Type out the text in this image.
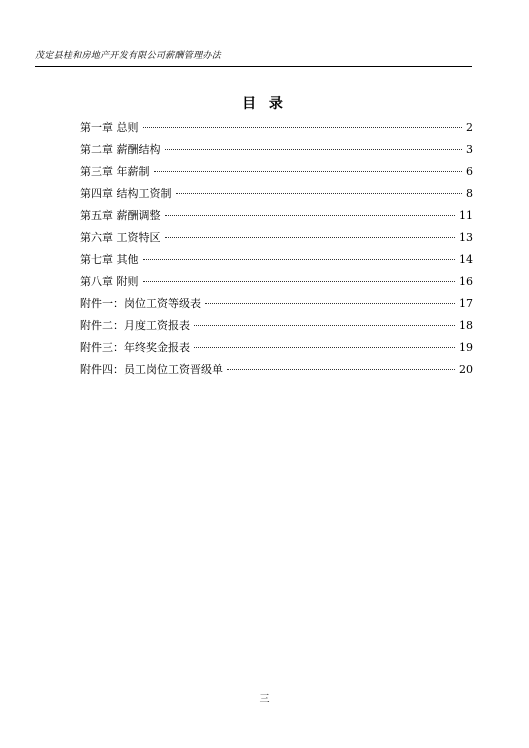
茂定县桂和房地产开发有限公司薪酬管理办法
目 录
第一章 总则	2
第二章 薪酬结构	3
第三章 年薪制	6
第四章 结构工资制	8
第五章 薪酬调整	11
第六章 工资特区	13
第七章 其他	14
第八章 附则	16
附件一：岗位工资等级表	17
附件二：月度工资报表	18
附件三：年终奖金报表	19
附件四：员工岗位工资晋级单	20
三
